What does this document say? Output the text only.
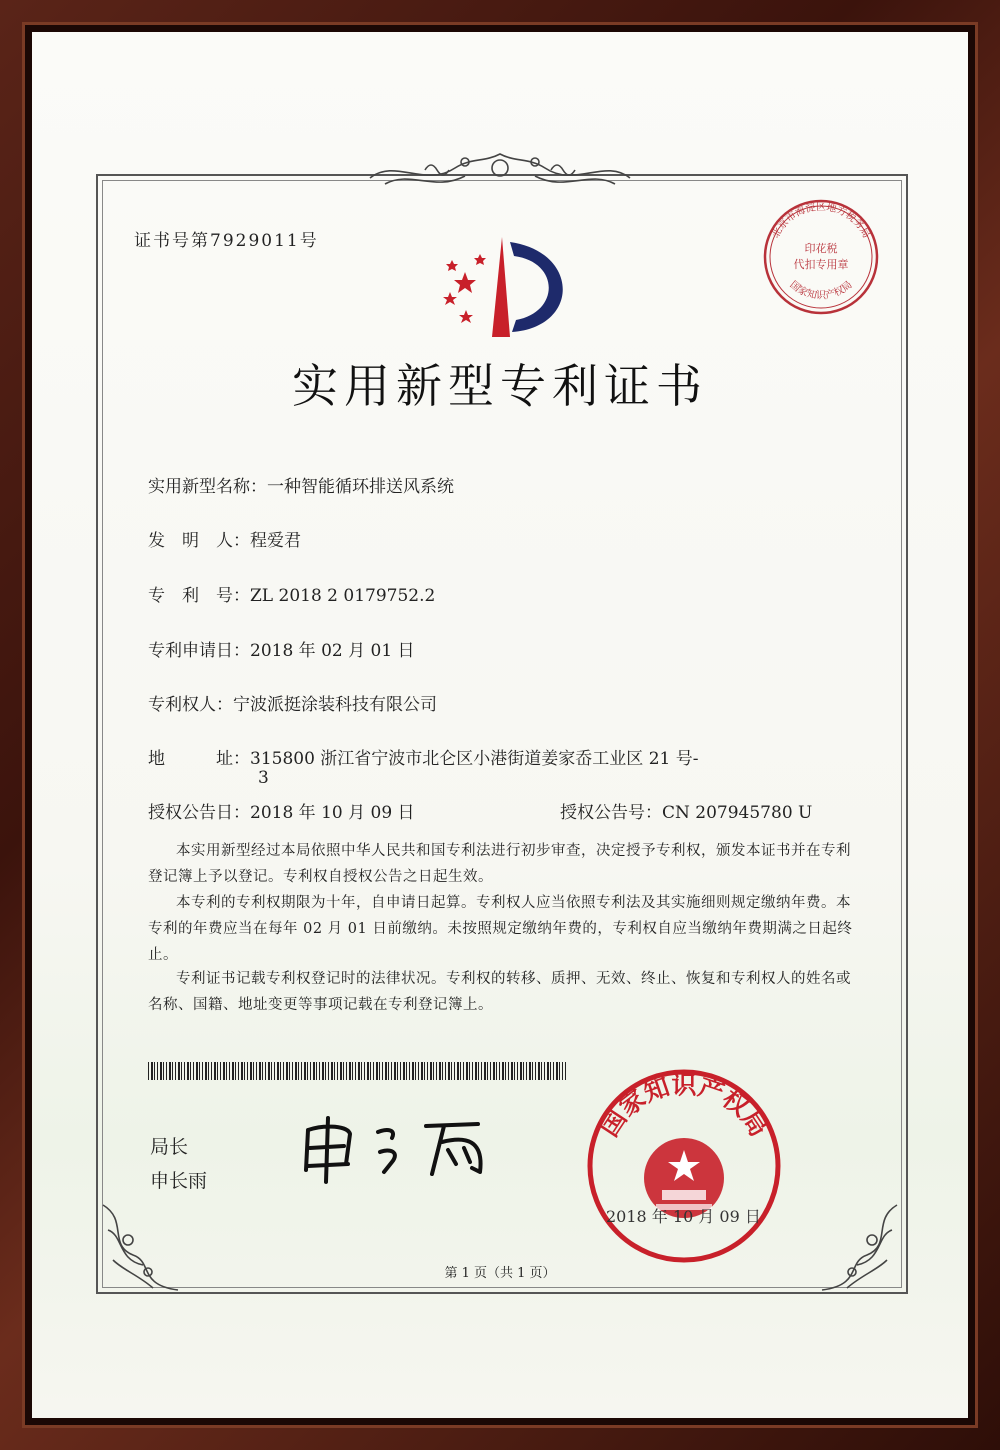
证书号第7929011号	北京市海淀区地方税务局
印花税
代扣专用章
国家知识产权局
实用新型专利证书
实用新型名称：一种智能循环排送风系统
发　明　人：程爱君
专　利　号：ZL 2018 2 0179752.2
专利申请日：2018 年 02 月 01 日
专利权人：宁波派挺涂装科技有限公司
地　　　址：315800 浙江省宁波市北仑区小港街道姜家岙工业区 21 号-
3
授权公告日：2018 年 10 月 09 日	授权公告号：CN 207945780 U
本实用新型经过本局依照中华人民共和国专利法进行初步审查，决定授予专利权，颁发本证书并在专利登记簿上予以登记。专利权自授权公告之日起生效。
本专利的专利权期限为十年，自申请日起算。专利权人应当依照专利法及其实施细则规定缴纳年费。本专利的年费应当在每年 02 月 01 日前缴纳。未按照规定缴纳年费的，专利权自应当缴纳年费期满之日起终止。
专利证书记载专利权登记时的法律状况。专利权的转移、质押、无效、终止、恢复和专利权人的姓名或名称、国籍、地址变更等事项记载在专利登记簿上。
局长
申长雨
国家知识产权局
2018 年 10 月 09 日
第 1 页（共 1 页）
